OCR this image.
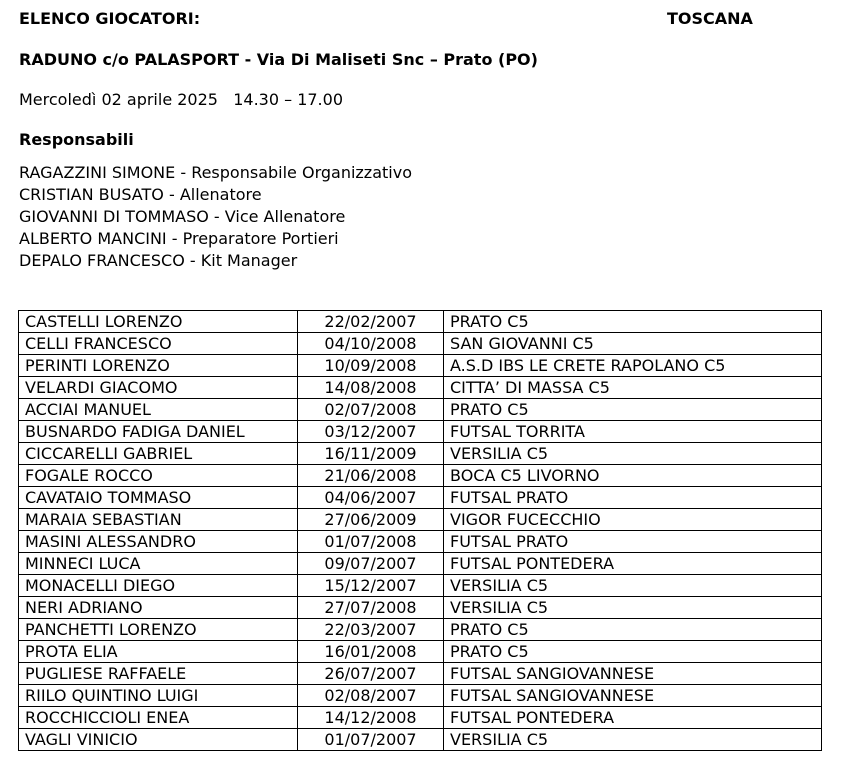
ELENCO GIOCATORI:	TOSCANA
RADUNO c/o PALASPORT - Via Di Maliseti Snc – Prato (PO)
Mercoledì 02 aprile 2025   14.30 – 17.00
Responsabili
RAGAZZINI SIMONE - Responsabile Organizzativo
CRISTIAN BUSATO - Allenatore
GIOVANNI DI TOMMASO - Vice Allenatore
ALBERTO MANCINI - Preparatore Portieri
DEPALO FRANCESCO - Kit Manager
CASTELLI LORENZO	22/02/2007	PRATO C5
CELLI FRANCESCO	04/10/2008	SAN GIOVANNI C5
PERINTI LORENZO	10/09/2008	A.S.D IBS LE CRETE RAPOLANO C5
VELARDI GIACOMO	14/08/2008	CITTA’ DI MASSA C5
ACCIAI MANUEL	02/07/2008	PRATO C5
BUSNARDO FADIGA DANIEL	03/12/2007	FUTSAL TORRITA
CICCARELLI GABRIEL	16/11/2009	VERSILIA C5
FOGALE ROCCO	21/06/2008	BOCA C5 LIVORNO
CAVATAIO TOMMASO	04/06/2007	FUTSAL PRATO
MARAIA SEBASTIAN	27/06/2009	VIGOR FUCECCHIO
MASINI ALESSANDRO	01/07/2008	FUTSAL PRATO
MINNECI LUCA	09/07/2007	FUTSAL PONTEDERA
MONACELLI DIEGO	15/12/2007	VERSILIA C5
NERI ADRIANO	27/07/2008	VERSILIA C5
PANCHETTI LORENZO	22/03/2007	PRATO C5
PROTA ELIA	16/01/2008	PRATO C5
PUGLIESE RAFFAELE	26/07/2007	FUTSAL SANGIOVANNESE
RIILO QUINTINO LUIGI	02/08/2007	FUTSAL SANGIOVANNESE
ROCCHICCIOLI ENEA	14/12/2008	FUTSAL PONTEDERA
VAGLI VINICIO	01/07/2007	VERSILIA C5
